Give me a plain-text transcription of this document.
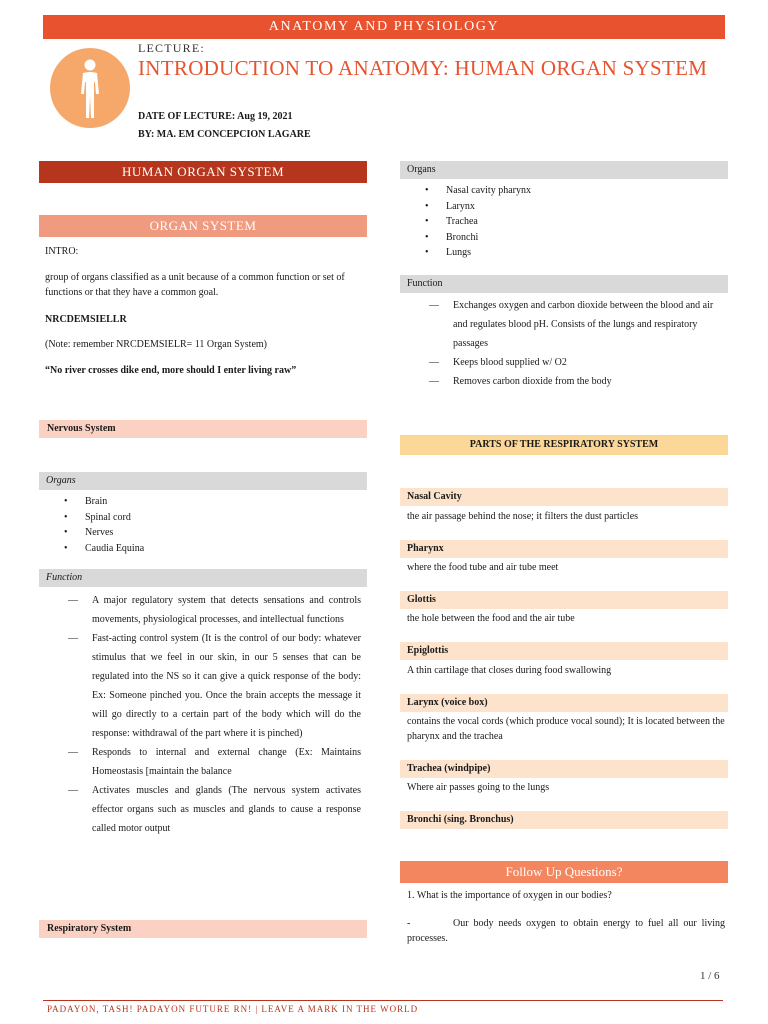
ANATOMY AND PHYSIOLOGY
LECTURE:
INTRODUCTION TO ANATOMY: HUMAN ORGAN SYSTEM
DATE OF LECTURE: Aug 19, 2021
BY: MA. EM CONCEPCION LAGARE
HUMAN ORGAN SYSTEM
ORGAN SYSTEM
INTRO:
group of organs classified as a unit because of a common function or set of functions or that they have a common goal.
NRCDEMSIELLR
(Note: remember NRCDEMSIELR= 11 Organ System)
“No river crosses dike end, more should I enter living raw”
Nervous System
Organs
• Brain
• Spinal cord
• Nerves
• Caudia Equina
Function
— A major regulatory system that detects sensations and controls movements, physiological processes, and intellectual functions
— Fast-acting control system (It is the control of our body: whatever stimulus that we feel in our skin, in our 5 senses that can be regulated into the NS so it can give a quick response of the body: Ex: Someone pinched you. Once the brain accepts the message it will go directly to a certain part of the body which will do the response: withdrawal of the part where it is pinched)
— Responds to internal and external change (Ex: Maintains Homeostasis [maintain the balance
— Activates muscles and glands (The nervous system activates effector organs such as muscles and glands to cause a response called motor output
Respiratory System
Organs
• Nasal cavity pharynx
• Larynx
• Trachea
• Bronchi
• Lungs
Function
— Exchanges oxygen and carbon dioxide between the blood and air and regulates blood pH. Consists of the lungs and respiratory passages
— Keeps blood supplied w/ O2
— Removes carbon dioxide from the body
PARTS OF THE RESPIRATORY SYSTEM
Nasal Cavity
the air passage behind the nose; it filters the dust particles
Pharynx
where the food tube and air tube meet
Glottis
the hole between the food and the air tube
Epiglottis
A thin cartilage that closes during food swallowing
Larynx (voice box)
contains the vocal cords (which produce vocal sound); It is located between the pharynx and the trachea
Trachea (windpipe)
Where air passes going to the lungs
Bronchi (sing. Bronchus)
Follow Up Questions?
1. What is the importance of oxygen in our bodies?
-	Our body needs oxygen to obtain energy to fuel all our living processes.
1 / 6
PADAYON, TASH! PADAYON FUTURE RN! | LEAVE A MARK IN THE WORLD
